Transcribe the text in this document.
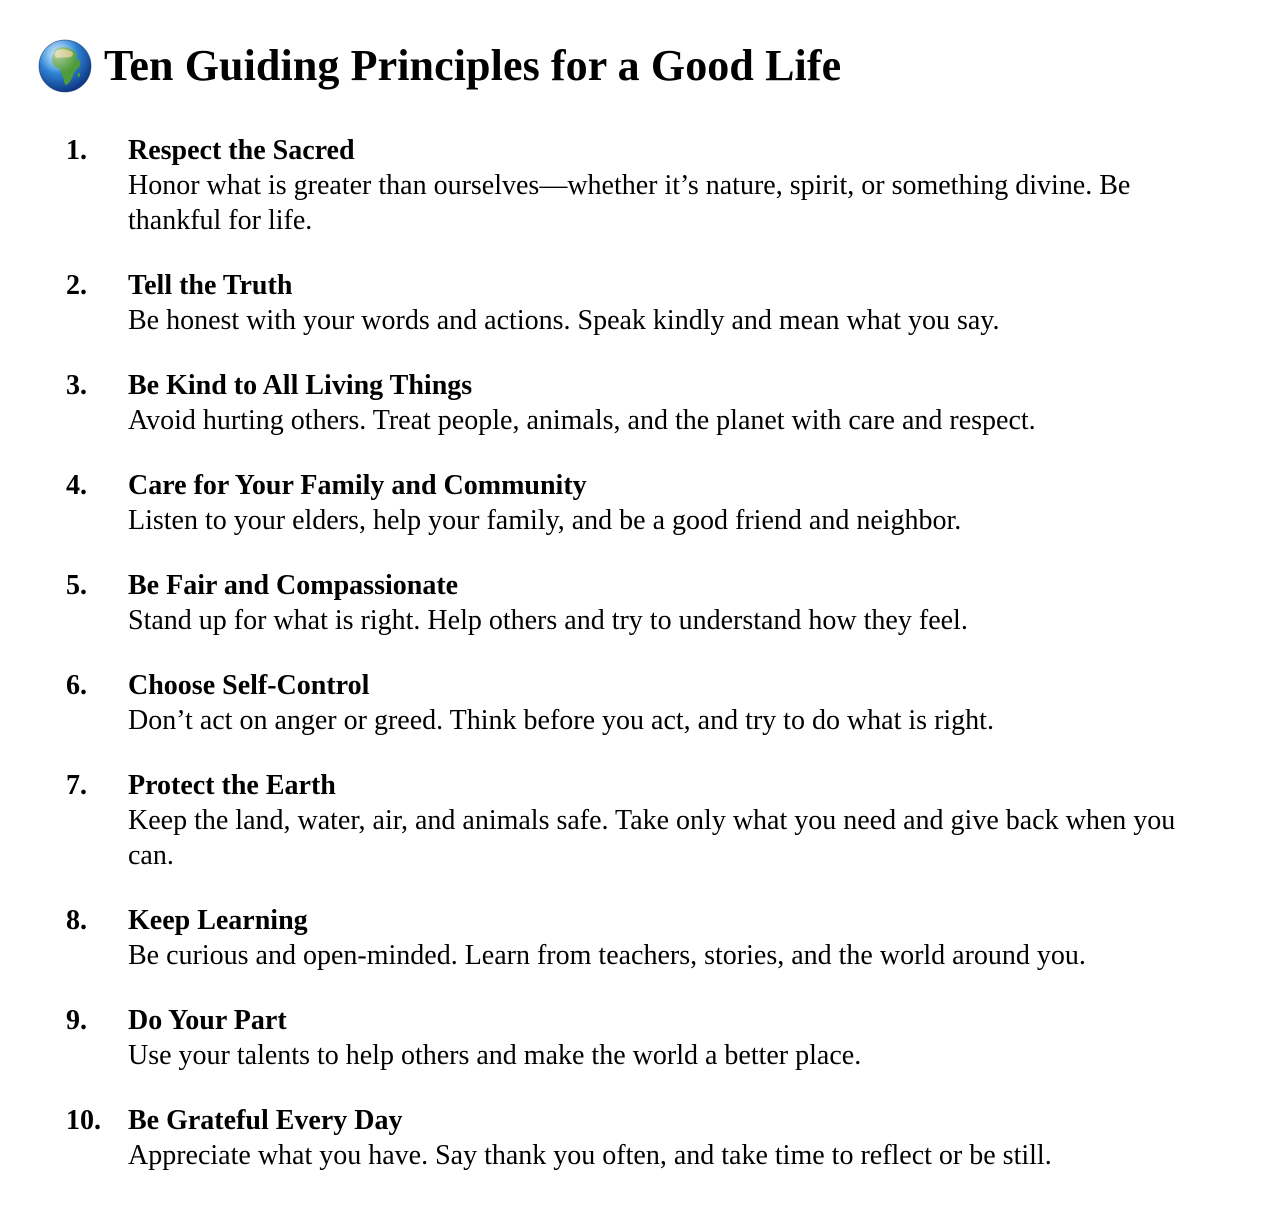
Ten Guiding Principles for a Good Life
1. Respect the Sacred
Honor what is greater than ourselves—whether it’s nature, spirit, or something divine. Be thankful for life.
2. Tell the Truth
Be honest with your words and actions. Speak kindly and mean what you say.
3. Be Kind to All Living Things
Avoid hurting others. Treat people, animals, and the planet with care and respect.
4. Care for Your Family and Community
Listen to your elders, help your family, and be a good friend and neighbor.
5. Be Fair and Compassionate
Stand up for what is right. Help others and try to understand how they feel.
6. Choose Self-Control
Don’t act on anger or greed. Think before you act, and try to do what is right.
7. Protect the Earth
Keep the land, water, air, and animals safe. Take only what you need and give back when you can.
8. Keep Learning
Be curious and open-minded. Learn from teachers, stories, and the world around you.
9. Do Your Part
Use your talents to help others and make the world a better place.
10. Be Grateful Every Day
Appreciate what you have. Say thank you often, and take time to reflect or be still.
